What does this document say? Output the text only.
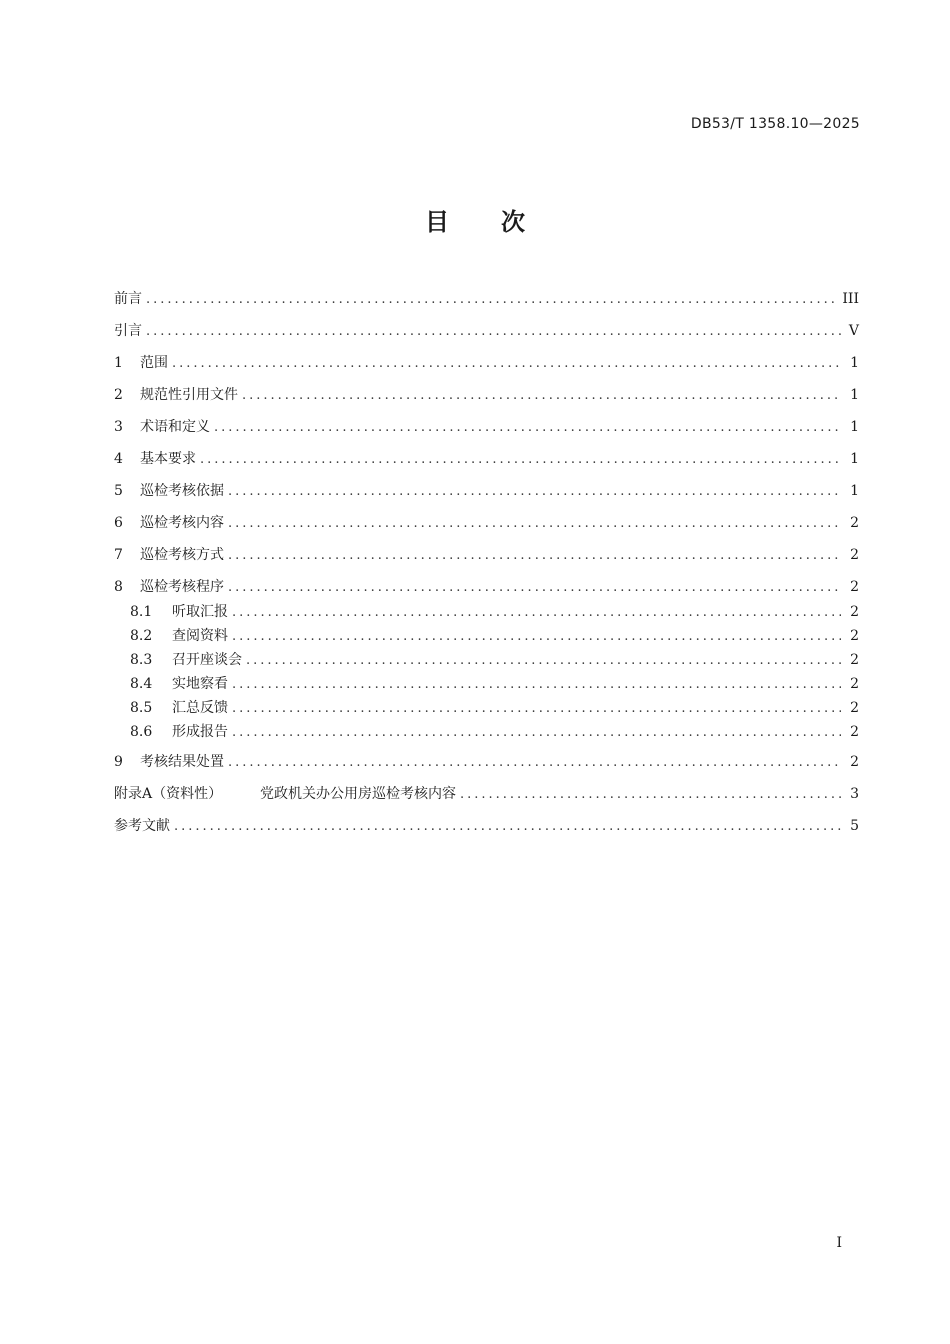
DB53/T 1358.10—2025
目 次
前言 .....	III
引言 .....	V
1	范围 .....	1
2	规范性引用文件 .....	1
3	术语和定义 .....	1
4	基本要求 .....	1
5	巡检考核依据 .....	1
6	巡检考核内容 .....	2
7	巡检考核方式 .....	2
8	巡检考核程序 .....	2
8.1	听取汇报 .....	2
8.2	查阅资料 .....	2
8.3	召开座谈会 .....	2
8.4	实地察看 .....	2
8.5	汇总反馈 .....	2
8.6	形成报告 .....	2
9	考核结果处置 .....	2
附录A（资料性）	党政机关办公用房巡检考核内容 .....	3
参考文献 .....	5
I
